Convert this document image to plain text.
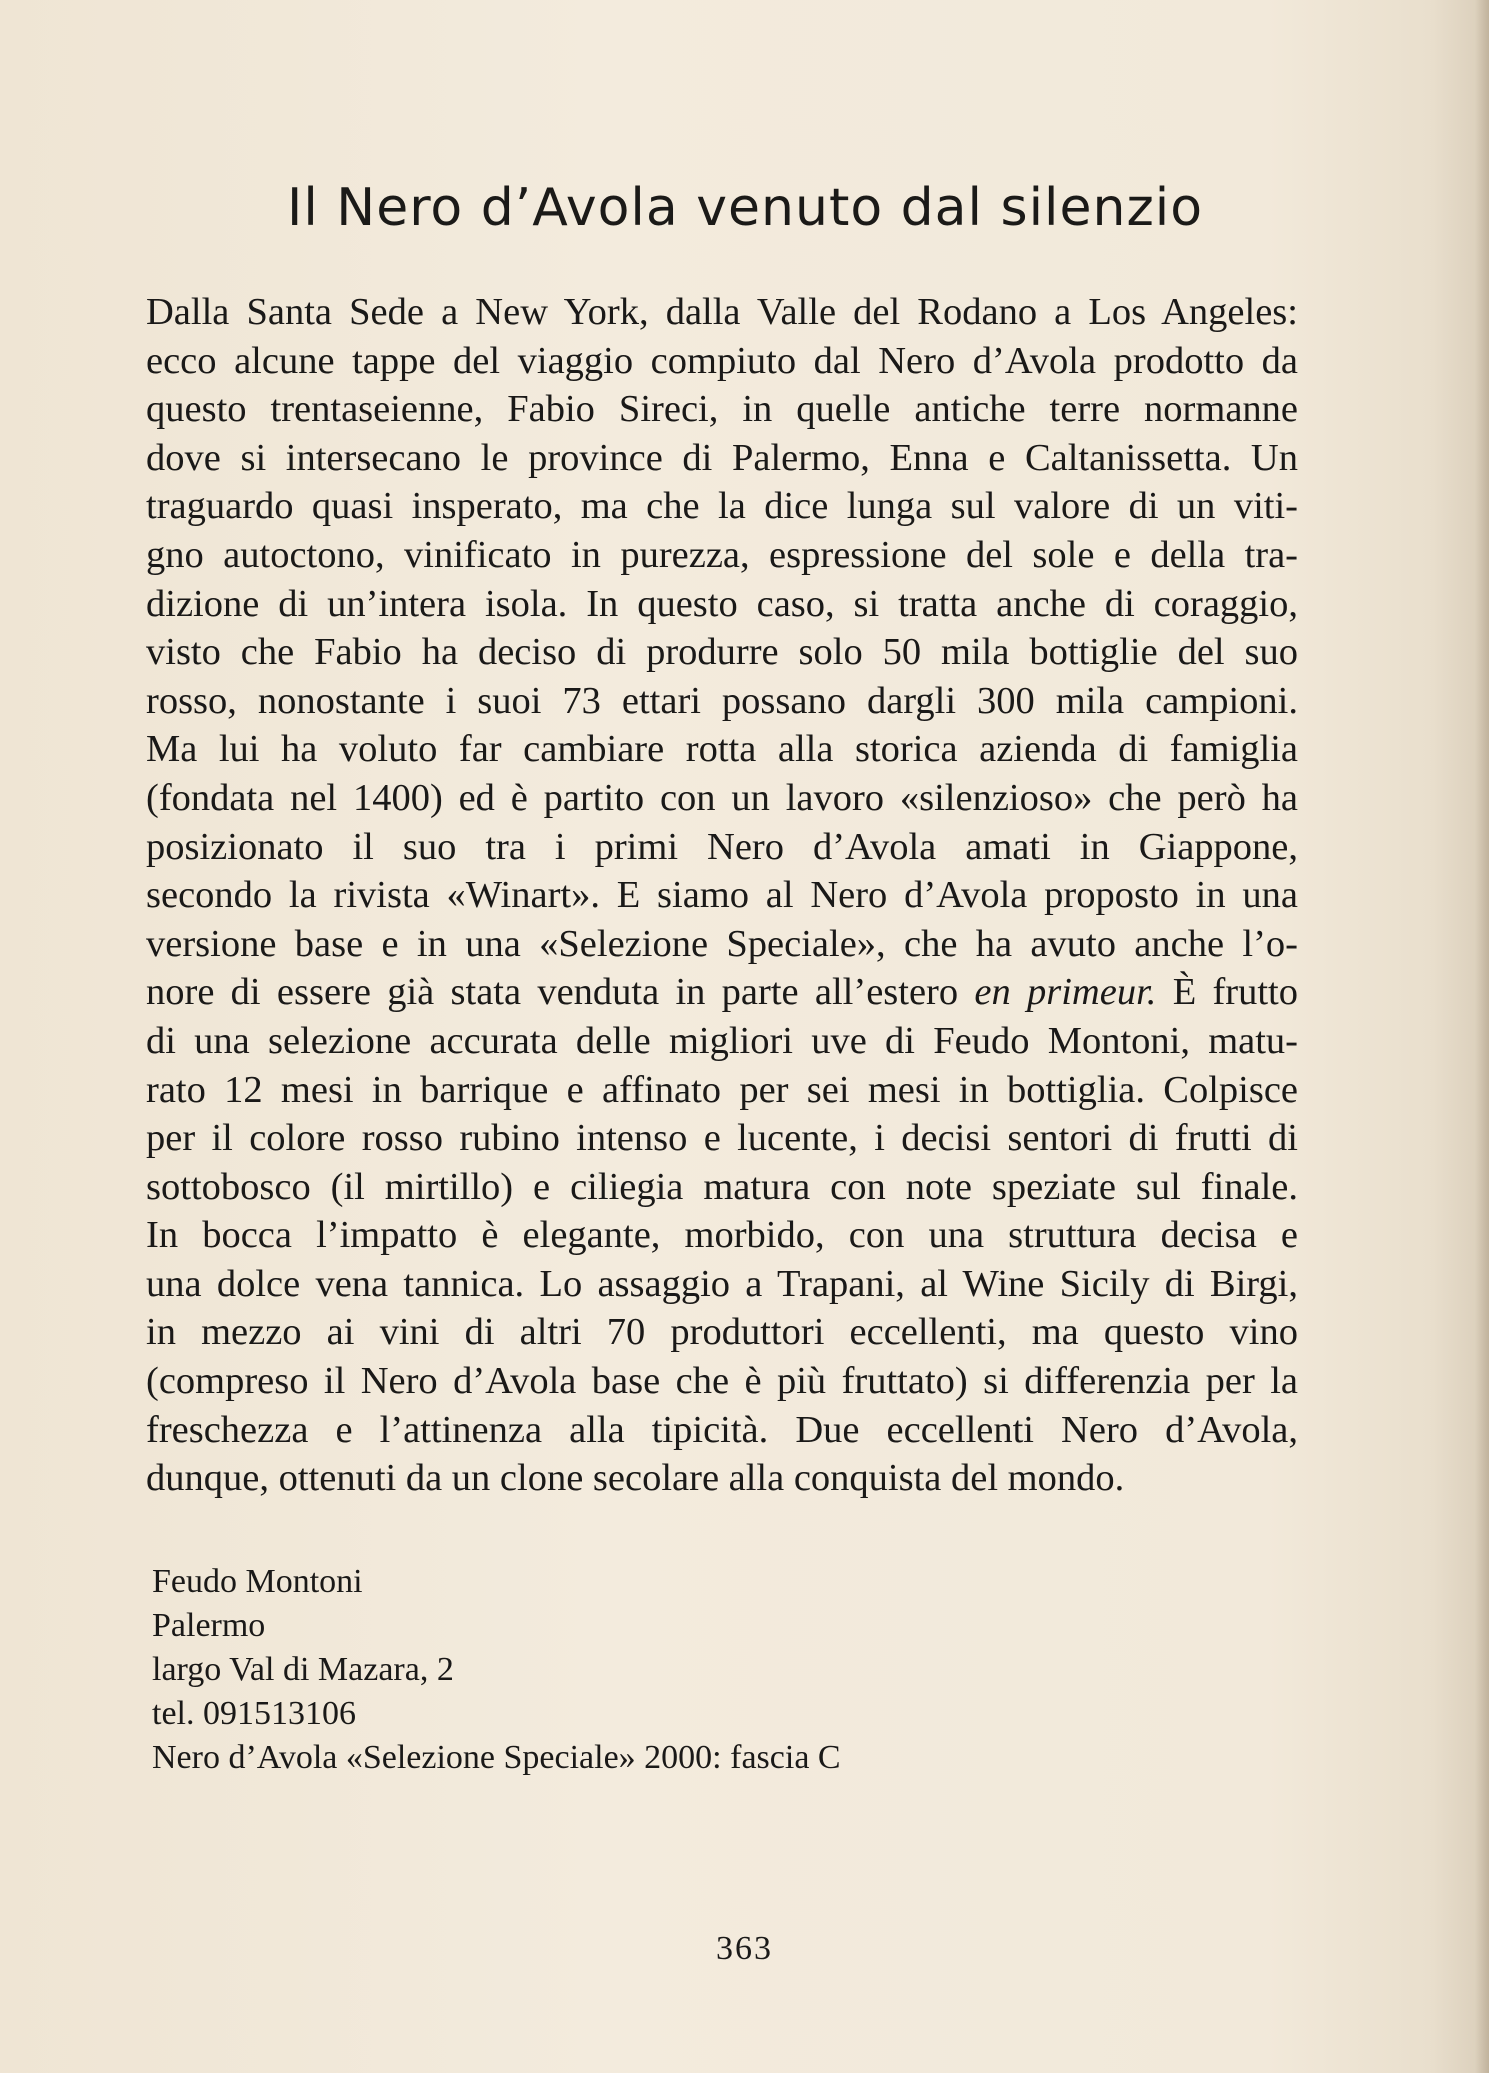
Il Nero d’Avola venuto dal silenzio
Dalla Santa Sede a New York, dalla Valle del Rodano a Los Angeles:
ecco alcune tappe del viaggio compiuto dal Nero d’Avola prodotto da
questo trentaseienne, Fabio Sireci, in quelle antiche terre normanne
dove si intersecano le province di Palermo, Enna e Caltanissetta. Un
traguardo quasi insperato, ma che la dice lunga sul valore di un viti-
gno autoctono, vinificato in purezza, espressione del sole e della tra-
dizione di un’intera isola. In questo caso, si tratta anche di coraggio,
visto che Fabio ha deciso di produrre solo 50 mila bottiglie del suo
rosso, nonostante i suoi 73 ettari possano dargli 300 mila campioni.
Ma lui ha voluto far cambiare rotta alla storica azienda di famiglia
(fondata nel 1400) ed è partito con un lavoro «silenzioso» che però ha
posizionato il suo tra i primi Nero d’Avola amati in Giappone,
secondo la rivista «Winart». E siamo al Nero d’Avola proposto in una
versione base e in una «Selezione Speciale», che ha avuto anche l’o-
nore di essere già stata venduta in parte all’estero en primeur. È frutto
di una selezione accurata delle migliori uve di Feudo Montoni, matu-
rato 12 mesi in barrique e affinato per sei mesi in bottiglia. Colpisce
per il colore rosso rubino intenso e lucente, i decisi sentori di frutti di
sottobosco (il mirtillo) e ciliegia matura con note speziate sul finale.
In bocca l’impatto è elegante, morbido, con una struttura decisa e
una dolce vena tannica. Lo assaggio a Trapani, al Wine Sicily di Birgi,
in mezzo ai vini di altri 70 produttori eccellenti, ma questo vino
(compreso il Nero d’Avola base che è più fruttato) si differenzia per la
freschezza e l’attinenza alla tipicità. Due eccellenti Nero d’Avola,
dunque, ottenuti da un clone secolare alla conquista del mondo.
Feudo Montoni
Palermo
largo Val di Mazara, 2
tel. 091513106
Nero d’Avola «Selezione Speciale» 2000: fascia C
363
